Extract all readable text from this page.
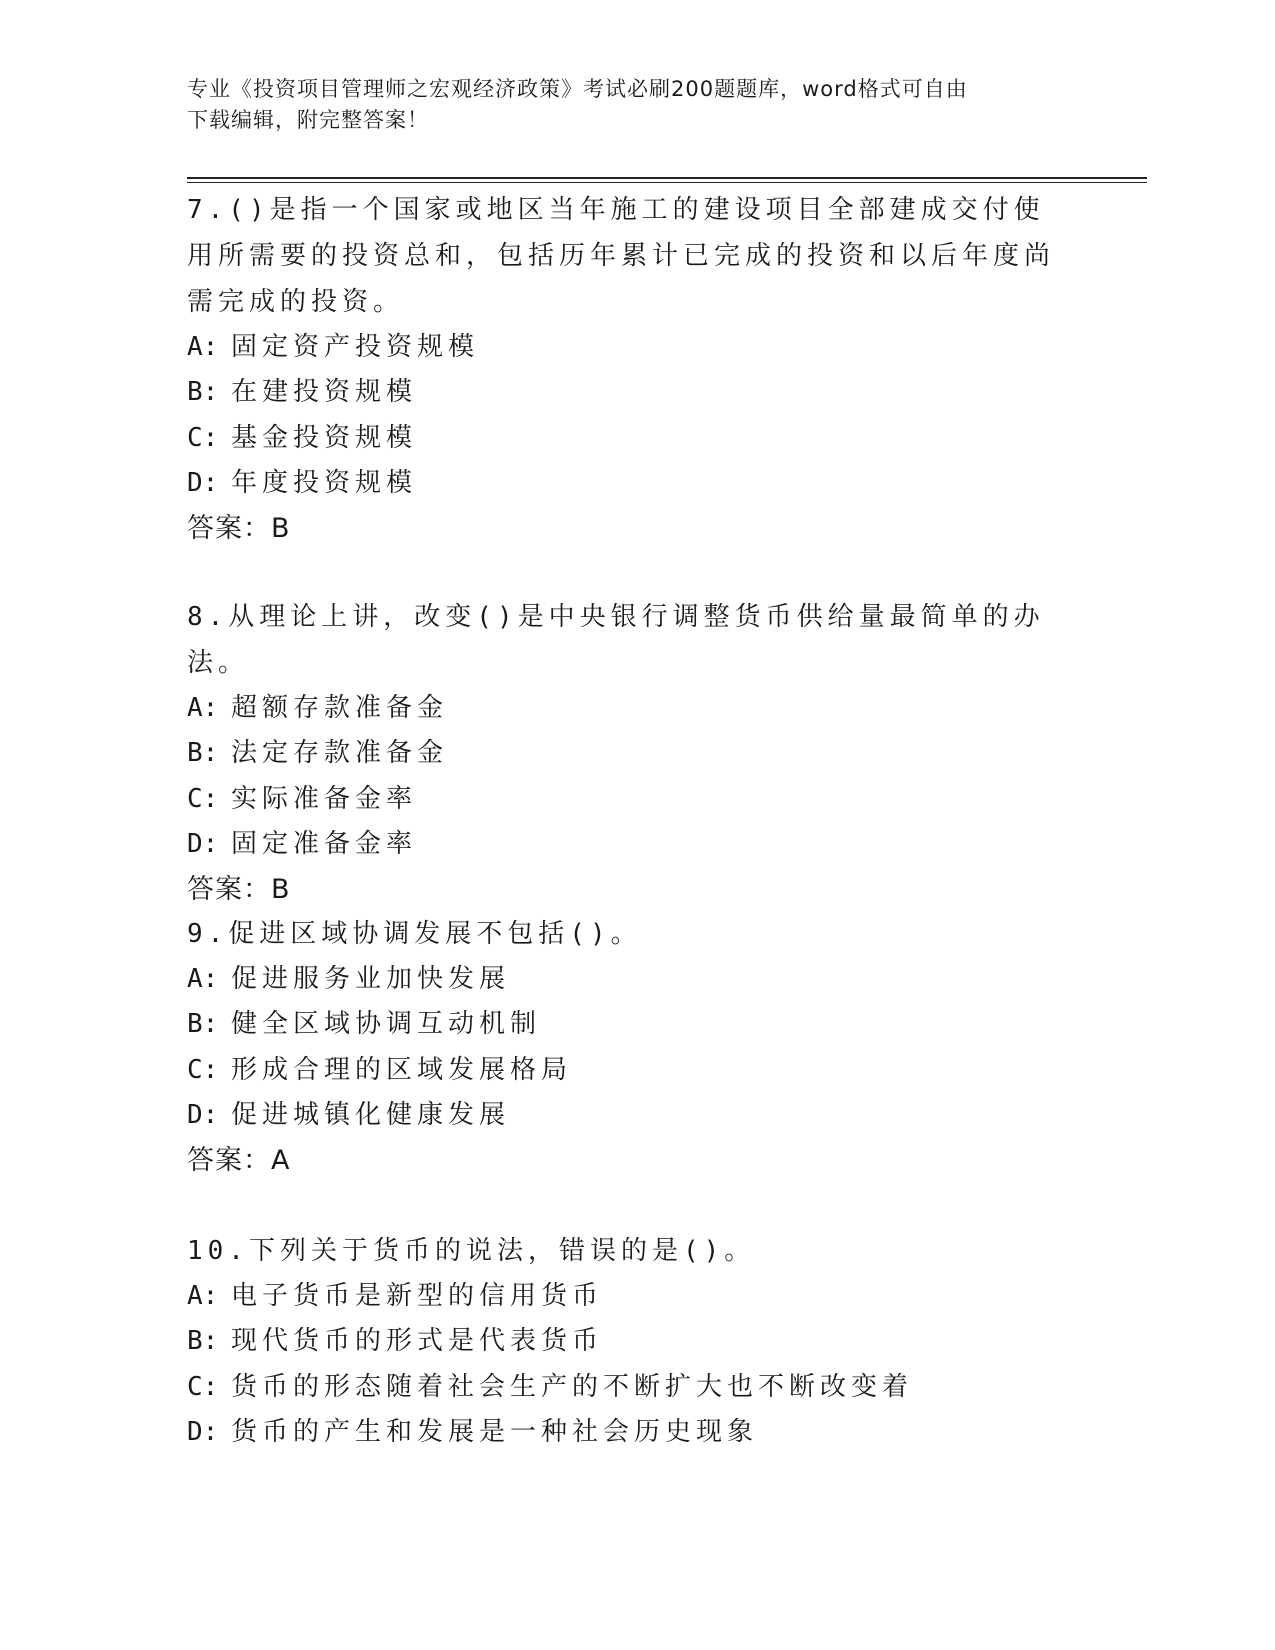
专业《投资项目管理师之宏观经济政策》考试必刷200题题库，word格式可自由
下载编辑，附完整答案！

7.()是指一个国家或地区当年施工的建设项目全部建成交付使用所需要的投资总和，包括历年累计已完成的投资和以后年度尚需完成的投资。

A: 固定资产投资规模
B: 在建投资规模
C: 基金投资规模
D: 年度投资规模
答案：B

8.从理论上讲，改变()是中央银行调整货币供给量最简单的办法。

A: 超额存款准备金
B: 法定存款准备金
C: 实际准备金率
D: 固定准备金率
答案：B

9.促进区域协调发展不包括()。

A: 促进服务业加快发展
B: 健全区域协调互动机制
C: 形成合理的区域发展格局
D: 促进城镇化健康发展
答案：A

10.下列关于货币的说法，错误的是()。

A: 电子货币是新型的信用货币
B: 现代货币的形式是代表货币
C: 货币的形态随着社会生产的不断扩大也不断改变着
D: 货币的产生和发展是一种社会历史现象
